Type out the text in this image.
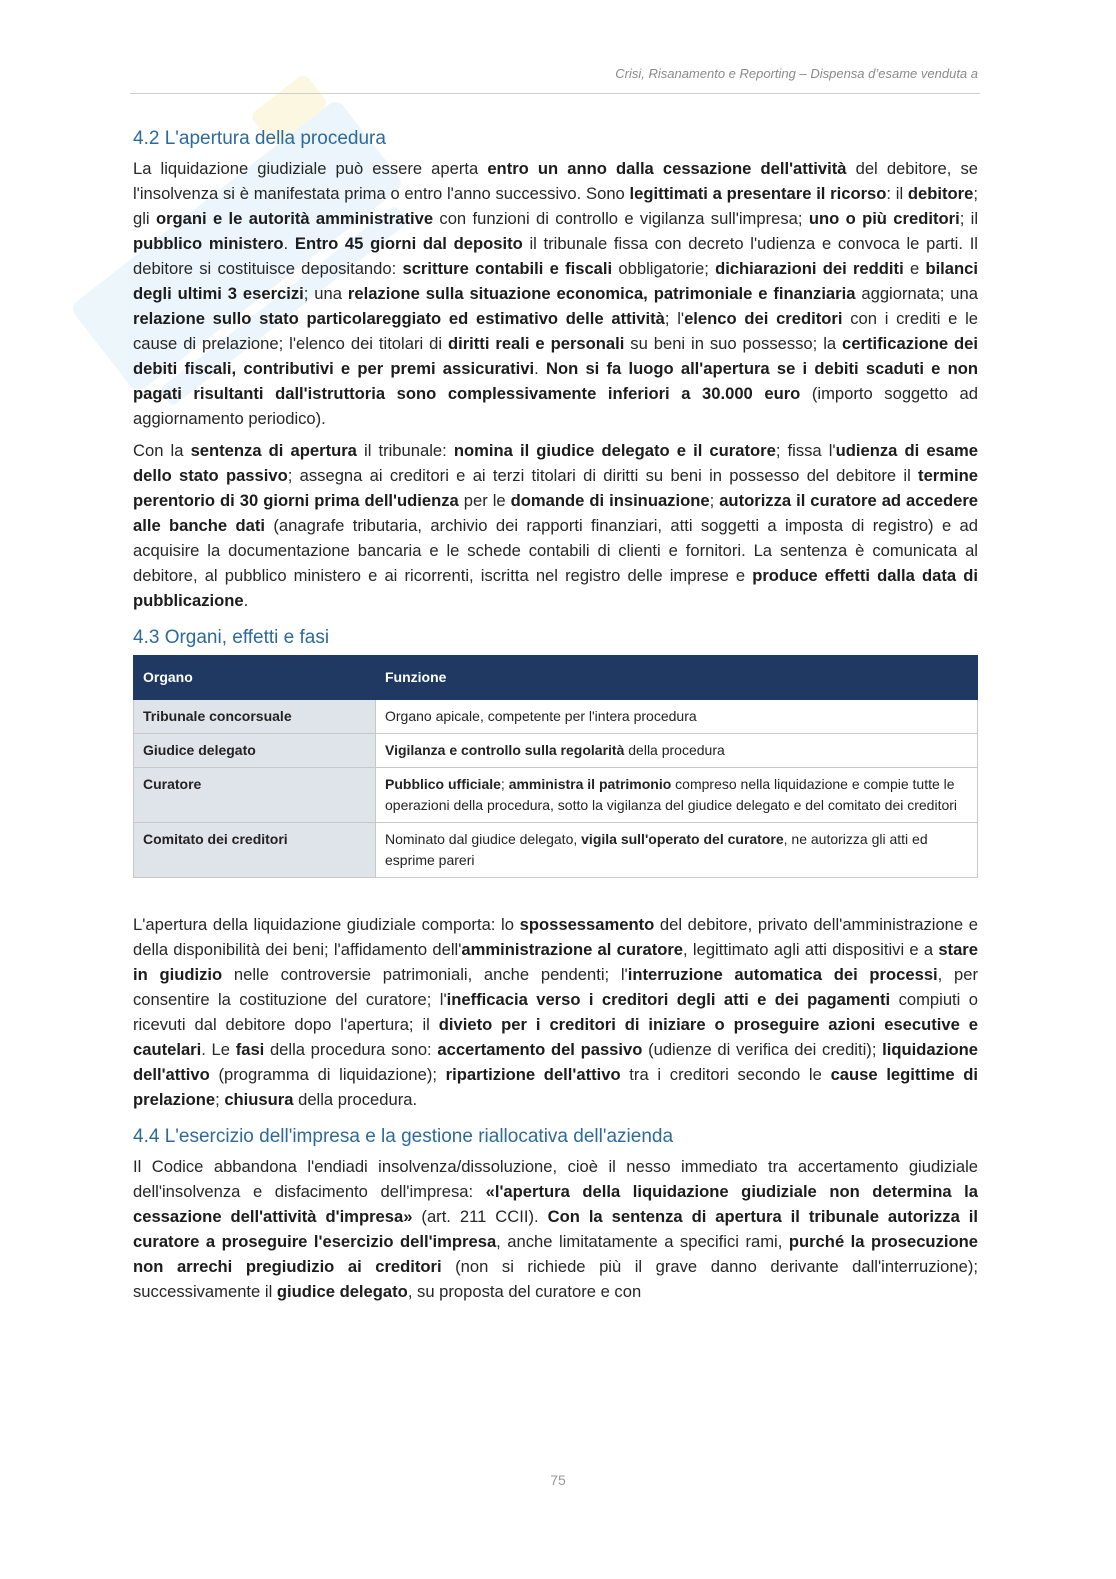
Crisi, Risanamento e Reporting – Dispensa d’esame venduta a
4.2 L'apertura della procedura

La liquidazione giudiziale può essere aperta entro un anno dalla cessazione dell'attività del debitore, se l'insolvenza si è manifestata prima o entro l'anno successivo. Sono legittimati a presentare il ricorso: il debitore; gli organi e le autorità amministrative con funzioni di controllo e vigilanza sull'impresa; uno o più creditori; il pubblico ministero. Entro 45 giorni dal deposito il tribunale fissa con decreto l'udienza e convoca le parti. Il debitore si costituisce depositando: scritture contabili e fiscali obbligatorie; dichiarazioni dei redditi e bilanci degli ultimi 3 esercizi; una relazione sulla situazione economica, patrimoniale e finanziaria aggiornata; una relazione sullo stato particolareggiato ed estimativo delle attività; l'elenco dei creditori con i crediti e le cause di prelazione; l'elenco dei titolari di diritti reali e personali su beni in suo possesso; la certificazione dei debiti fiscali, contributivi e per premi assicurativi. Non si fa luogo all'apertura se i debiti scaduti e non pagati risultanti dall'istruttoria sono complessivamente inferiori a 30.000 euro (importo soggetto ad aggiornamento periodico).

Con la sentenza di apertura il tribunale: nomina il giudice delegato e il curatore; fissa l'udienza di esame dello stato passivo; assegna ai creditori e ai terzi titolari di diritti su beni in possesso del debitore il termine perentorio di 30 giorni prima dell'udienza per le domande di insinuazione; autorizza il curatore ad accedere alle banche dati (anagrafe tributaria, archivio dei rapporti finanziari, atti soggetti a imposta di registro) e ad acquisire la documentazione bancaria e le schede contabili di clienti e fornitori. La sentenza è comunicata al debitore, al pubblico ministero e ai ricorrenti, iscritta nel registro delle imprese e produce effetti dalla data di pubblicazione.

4.3 Organi, effetti e fasi
Organo	Funzione
Tribunale concorsuale	Organo apicale, competente per l'intera procedura
Giudice delegato	Vigilanza e controllo sulla regolarità della procedura
Curatore	Pubblico ufficiale; amministra il patrimonio compreso nella liquidazione e compie tutte le operazioni della procedura, sotto la vigilanza del giudice delegato e del comitato dei creditori
Comitato dei creditori	Nominato dal giudice delegato, vigila sull'operato del curatore, ne autorizza gli atti ed esprime pareri

L'apertura della liquidazione giudiziale comporta: lo spossessamento del debitore, privato dell'amministrazione e della disponibilità dei beni; l'affidamento dell'amministrazione al curatore, legittimato agli atti dispositivi e a stare in giudizio nelle controversie patrimoniali, anche pendenti; l'interruzione automatica dei processi, per consentire la costituzione del curatore; l'inefficacia verso i creditori degli atti e dei pagamenti compiuti o ricevuti dal debitore dopo l'apertura; il divieto per i creditori di iniziare o proseguire azioni esecutive e cautelari. Le fasi della procedura sono: accertamento del passivo (udienze di verifica dei crediti); liquidazione dell'attivo (programma di liquidazione); ripartizione dell'attivo tra i creditori secondo le cause legittime di prelazione; chiusura della procedura.

4.4 L'esercizio dell'impresa e la gestione riallocativa dell'azienda

Il Codice abbandona l'endiadi insolvenza/dissoluzione, cioè il nesso immediato tra accertamento giudiziale dell'insolvenza e disfacimento dell'impresa: «l'apertura della liquidazione giudiziale non determina la cessazione dell'attività d'impresa» (art. 211 CCII). Con la sentenza di apertura il tribunale autorizza il curatore a proseguire l'esercizio dell'impresa, anche limitatamente a specifici rami, purché la prosecuzione non arrechi pregiudizio ai creditori (non si richiede più il grave danno derivante dall'interruzione); successivamente il giudice delegato, su proposta del curatore e con

75
